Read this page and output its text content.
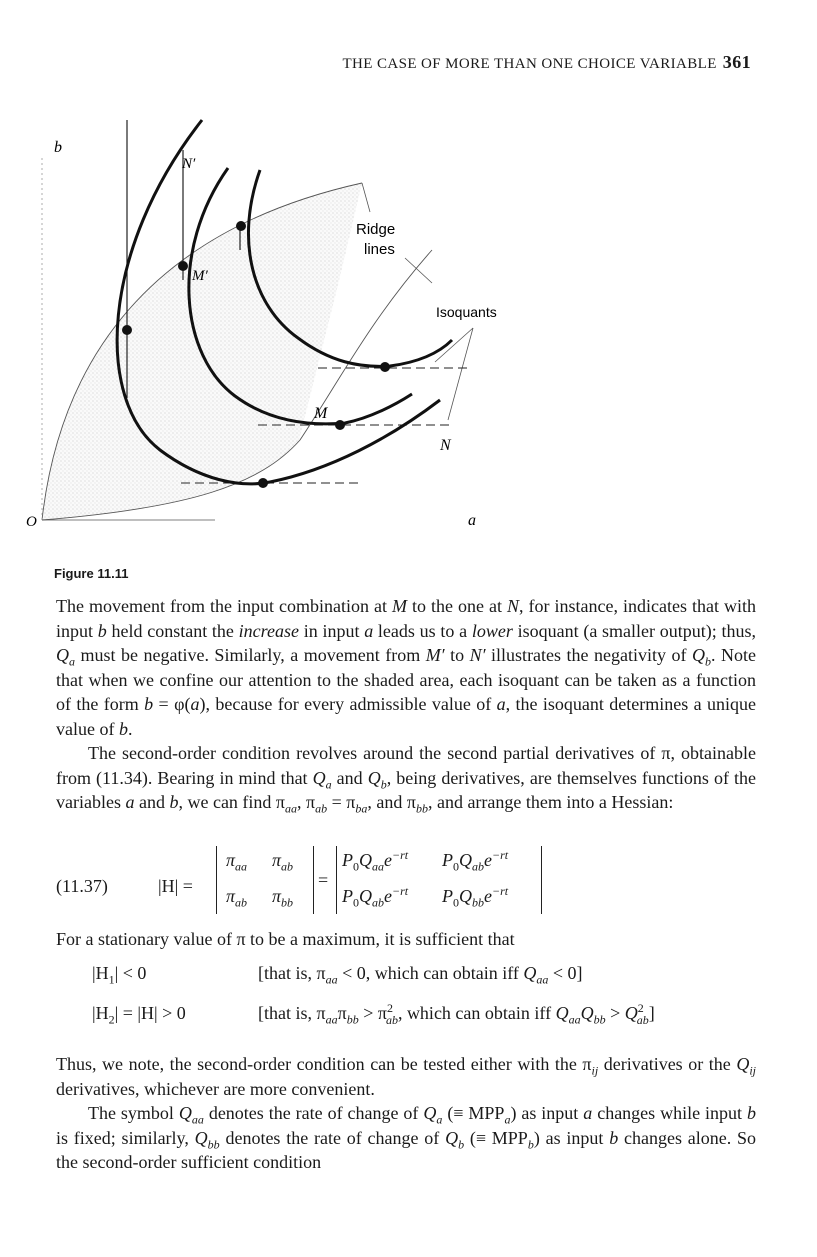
THE CASE OF MORE THAN ONE CHOICE VARIABLE 361
b
a
O
Ridge
lines
Isoquants
M
N
M′
N′
Figure 11.11
The movement from the input combination at M to the one at N, for instance, indicates that with input b held constant the increase in input a leads us to a lower isoquant (a smaller output); thus, $Q_a$ must be negative. Similarly, a movement from M′ to N′ illustrates the negativity of $Q_b$. Note that when we confine our attention to the shaded area, each isoquant can be taken as a function of the form b = φ(a), because for every admissible value of a, the isoquant determines a unique value of b.
The second-order condition revolves around the second partial derivatives of π, obtainable from (11.34). Bearing in mind that $Q_a$ and $Q_b$, being derivatives, are themselves functions of the variables a and b, we can find $\pi_{aa}$, $\pi_{ab} = \pi_{ba}$, and $\pi_{bb}$, and arrange them into a Hessian:
(11.37)	|H| =
$\pi_{aa}$ $\pi_{ab}$
$\pi_{ab}$ $\pi_{bb}$
=
$P_0Q_{aa}e^{-rt}$ $P_0Q_{ab}e^{-rt}$
$P_0Q_{ab}e^{-rt}$ $P_0Q_{bb}e^{-rt}$
For a stationary value of π to be a maximum, it is sufficient that
$|H_1| < 0$	[that is, $\pi_{aa} < 0$, which can obtain iff $Q_{aa} < 0$]
$|H_2| = |H| > 0$	[that is, $\pi_{aa}\pi_{bb} > \pi^2_{ab}$, which can obtain iff $Q_{aa}Q_{bb} > Q^2_{ab}$]
Thus, we note, the second-order condition can be tested either with the $\pi_{ij}$ derivatives or the $Q_{ij}$ derivatives, whichever are more convenient.
The symbol $Q_{aa}$ denotes the rate of change of $Q_a$ (≡ $MPP_a$) as input a changes while input b is fixed; similarly, $Q_{bb}$ denotes the rate of change of $Q_b$ (≡ $MPP_b$) as input b changes alone. So the second-order sufficient condition
